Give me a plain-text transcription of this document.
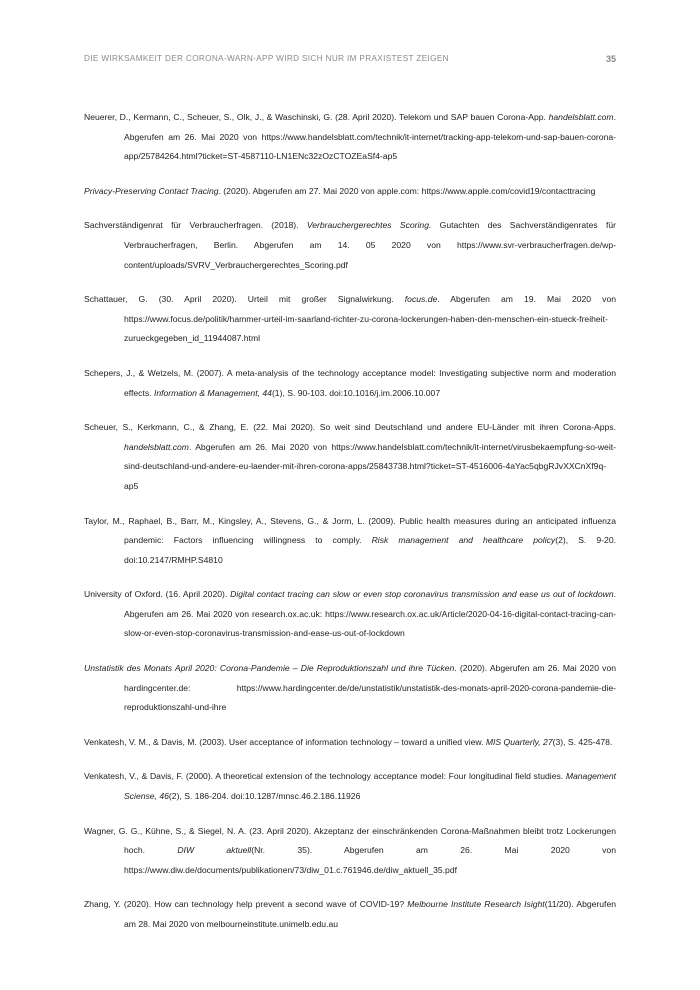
DIE WIRKSAMKEIT DER CORONA-WARN-APP WIRD SICH NUR IM PRAXISTEST ZEIGEN	35

Neuerer, D., Kermann, C., Scheuer, S., Olk, J., & Waschinski, G. (28. April 2020). Telekom und SAP bauen Corona-App. handelsblatt.com. Abgerufen am 26. Mai 2020 von https://www.handelsblatt.com/technik/it-internet/tracking-app-telekom-und-sap-bauen-corona-app/25784264.html?ticket=ST-4587110-LN1ENc32zOzCTOZEaSf4-ap5

Privacy-Preserving Contact Tracing. (2020). Abgerufen am 27. Mai 2020 von apple.com: https://www.apple.com/covid19/contacttracing

Sachverständigenrat für Verbraucherfragen. (2018). Verbrauchergerechtes Scoring. Gutachten des Sachverständigenrates für Verbraucherfragen, Berlin. Abgerufen am 14. 05 2020 von https://www.svr-verbraucherfragen.de/wp-content/uploads/SVRV_Verbrauchergerechtes_Scoring.pdf

Schattauer, G. (30. April 2020). Urteil mit großer Signalwirkung. focus.de. Abgerufen am 19. Mai 2020 von https://www.focus.de/politik/hammer-urteil-im-saarland-richter-zu-corona-lockerungen-haben-den-menschen-ein-stueck-freiheit-zurueckgegeben_id_11944087.html

Schepers, J., & Wetzels, M. (2007). A meta-analysis of the technology acceptance model: Investigating subjective norm and moderation effects. Information & Management, 44(1), S. 90-103. doi:10.1016/j.im.2006.10.007

Scheuer, S., Kerkmann, C., & Zhang, E. (22. Mai 2020). So weit sind Deutschland und andere EU-Länder mit ihren Corona-Apps. handelsblatt.com. Abgerufen am 26. Mai 2020 von https://www.handelsblatt.com/technik/it-internet/virusbekaempfung-so-weit-sind-deutschland-und-andere-eu-laender-mit-ihren-corona-apps/25843738.html?ticket=ST-4516006-4aYac5qbgRJvXXCnXf9q-ap5

Taylor, M., Raphael, B., Barr, M., Kingsley, A., Stevens, G., & Jorm, L. (2009). Public health measures during an anticipated influenza pandemic: Factors influencing willingness to comply. Risk management and healthcare policy(2), S. 9-20. doi:10.2147/RMHP.S4810

University of Oxford. (16. April 2020). Digital contact tracing can slow or even stop coronavirus transmission and ease us out of lockdown. Abgerufen am 26. Mai 2020 von research.ox.ac.uk: https://www.research.ox.ac.uk/Article/2020-04-16-digital-contact-tracing-can-slow-or-even-stop-coronavirus-transmission-and-ease-us-out-of-lockdown

Unstatistik des Monats April 2020: Corona-Pandemie – Die Reproduktionszahl und ihre Tücken. (2020). Abgerufen am 26. Mai 2020 von hardingcenter.de: https://www.hardingcenter.de/de/unstatistik/unstatistik-des-monats-april-2020-corona-pandemie-die-reproduktionszahl-und-ihre

Venkatesh, V. M., & Davis, M. (2003). User acceptance of information technology – toward a unified view. MIS Quarterly, 27(3), S. 425-478.

Venkatesh, V., & Davis, F. (2000). A theoretical extension of the technology acceptance model: Four longitudinal field studies. Management Sciense, 46(2), S. 186-204. doi:10.1287/mnsc.46.2.186.11926

Wagner, G. G., Kühne, S., & Siegel, N. A. (23. April 2020). Akzeptanz der einschränkenden Corona-Maßnahmen bleibt trotz Lockerungen hoch. DIW aktuell(Nr. 35). Abgerufen am 26. Mai 2020 von https://www.diw.de/documents/publikationen/73/diw_01.c.761946.de/diw_aktuell_35.pdf

Zhang, Y. (2020). How can technology help prevent a second wave of COVID-19? Melbourne Institute Research Isight(11/20). Abgerufen am 28. Mai 2020 von melbourneinstitute.unimelb.edu.au
